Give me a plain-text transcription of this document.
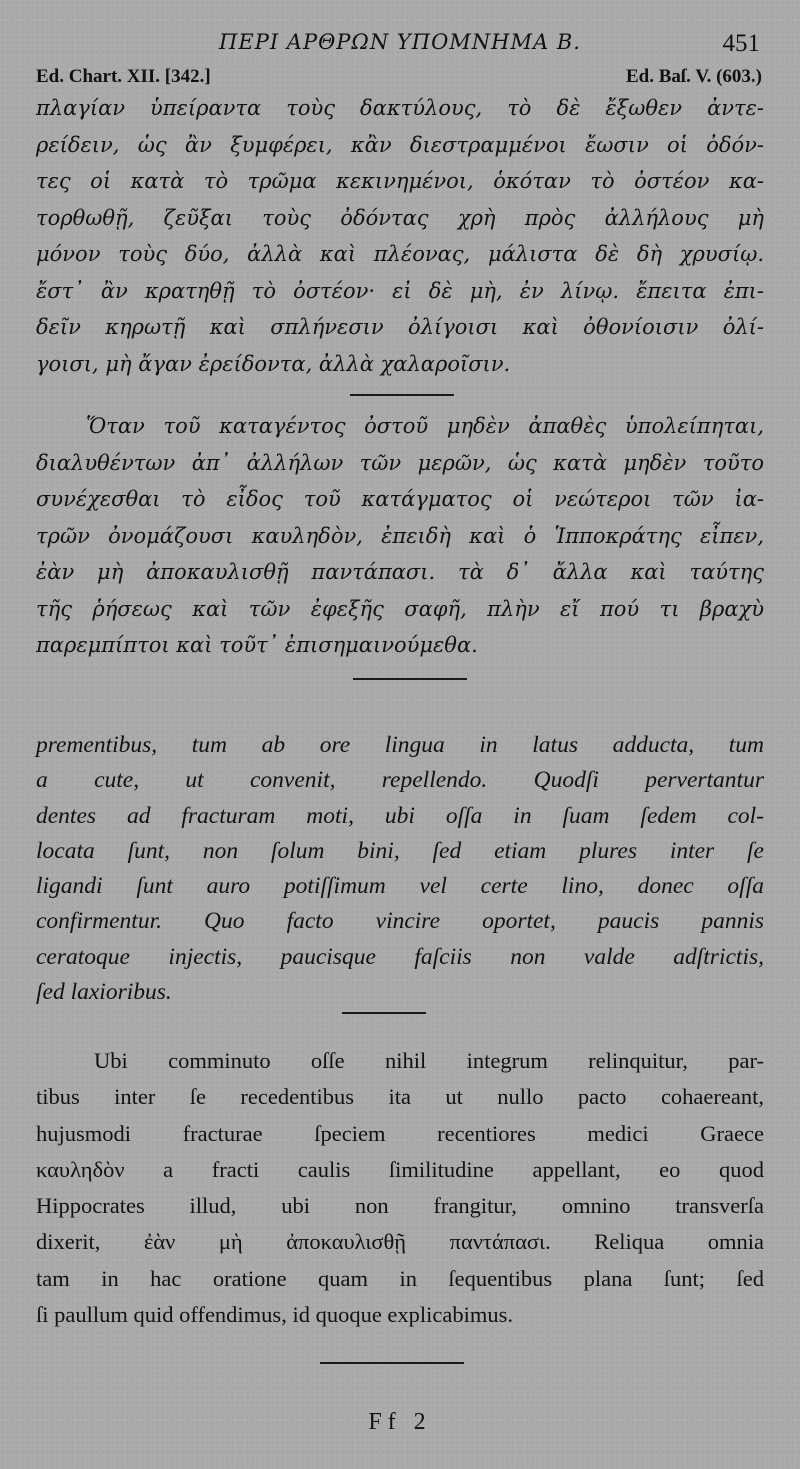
ΠΕΡΙ ΑΡΘΡΩΝ ΥΠΟΜΝΗΜΑ Β.	451
Ed. Chart. XII. [342.]	Ed. Baſ. V. (603.)
πλαγίαν ὑπείραντα τοὺς δακτύλους, τὸ δὲ ἔξωθεν ἀντε-
ρείδειν, ὡς ἂν ξυμφέρει, κἂν διεστραμμένοι ἔωσιν οἱ ὀδόν-
τες οἱ κατὰ τὸ τρῶμα κεκινημένοι, ὁκόταν τὸ ὀστέον κα-
τορθωθῇ, ζεῦξαι τοὺς ὀδόντας χρὴ πρὸς ἀλλήλους μὴ
μόνον τοὺς δύο, ἀλλὰ καὶ πλέονας, μάλιστα δὲ δὴ χρυσίῳ.
ἔστ᾽ ἂν κρατηθῇ τὸ ὀστέον· εἰ δὲ μὴ, ἐν λίνῳ. ἔπειτα ἐπι-
δεῖν κηρωτῇ καὶ σπλήνεσιν ὀλίγοισι καὶ ὀθονίοισιν ὀλί-
γοισι, μὴ ἄγαν ἐρείδοντα, ἀλλὰ χαλαροῖσιν.
Ὅταν τοῦ καταγέντος ὀστοῦ μηδὲν ἀπαθὲς ὑπολείπηται,
διαλυθέντων ἀπ᾽ ἀλλήλων τῶν μερῶν, ὡς κατὰ μηδὲν τοῦτο
συνέχεσθαι τὸ εἶδος τοῦ κατάγματος οἱ νεώτεροι τῶν ἰα-
τρῶν ὀνομάζουσι καυληδὸν, ἐπειδὴ καὶ ὁ Ἱπποκράτης εἶπεν,
ἐὰν μὴ ἀποκαυλισθῇ παντάπασι. τὰ δ᾽ ἄλλα καὶ ταύτης
τῆς ῥήσεως καὶ τῶν ἐφεξῆς σαφῆ, πλὴν εἴ πού τι βραχὺ
παρεμπίπτοι καὶ τοῦτ᾽ ἐπισημαινούμεθα.
prementibus, tum ab ore lingua in latus adducta, tum
a cute, ut convenit, repellendo. Quodſi pervertantur
dentes ad fracturam moti, ubi oſſa in ſuam ſedem col-
locata ſunt, non ſolum bini, ſed etiam plures inter ſe
ligandi ſunt auro potiſſimum vel certe lino, donec oſſa
confirmentur. Quo facto vincire oportet, paucis pannis
ceratoque injectis, paucisque faſciis non valde adſtrictis,
ſed laxioribus.
Ubi comminuto oſſe nihil integrum relinquitur, par-
tibus inter ſe recedentibus ita ut nullo pacto cohaereant,
hujusmodi fracturae ſpeciem recentiores medici Graece
καυληδὸν a fracti caulis ſimilitudine appellant, eo quod
Hippocrates illud, ubi non frangitur, omnino transverſa
dixerit, ἐὰν μὴ ἀποκαυλισθῇ παντάπασι. Reliqua omnia
tam in hac oratione quam in ſequentibus plana ſunt; ſed
ſi paullum quid offendimus, id quoque explicabimus.
Ff 2
